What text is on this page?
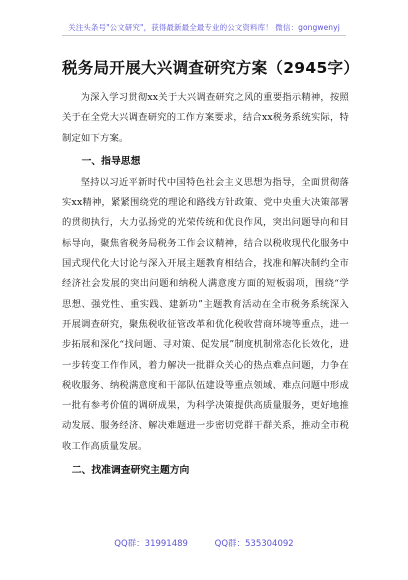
关注头条号"公文研究"，获得最新最全最专业的公文资料库！ 微信：gongwenyj
税务局开展大兴调查研究方案（2945字）

为深入学习贯彻xx关于大兴调查研究之风的重要指示精神，按照关于在全党大兴调查研究的工作方案要求，结合xx税务系统实际，特制定如下方案。

一、指导思想

坚持以习近平新时代中国特色社会主义思想为指导，全面贯彻落实xx精神，紧紧围绕党的理论和路线方针政策、党中央重大决策部署的贯彻执行，大力弘扬党的光荣传统和优良作风，突出问题导向和目标导向，聚焦省税务局税务工作会议精神，结合以税收现代化服务中国式现代化大讨论与深入开展主题教育相结合，找准和解决制约全市经济社会发展的突出问题和纳税人满意度方面的短板弱项，围绕“学思想、强党性、重实践、建新功”主题教育活动在全市税务系统深入开展调查研究，聚焦税收征管改革和优化税收营商环境等重点，进一步拓展和深化“找问题、寻对策、促发展”制度机制常态化长效化，进一步转变工作作风，着力解决一批群众关心的热点难点问题，力争在税收服务、纳税满意度和干部队伍建设等重点领域、难点问题中形成一批有参考价值的调研成果，为科学决策提供高质量服务，更好地推动发展、服务经济、解决难题进一步密切党群干群关系，推动全市税收工作高质量发展。

二、找准调查研究主题方向
QQ群：31991489	QQ群：535304092
